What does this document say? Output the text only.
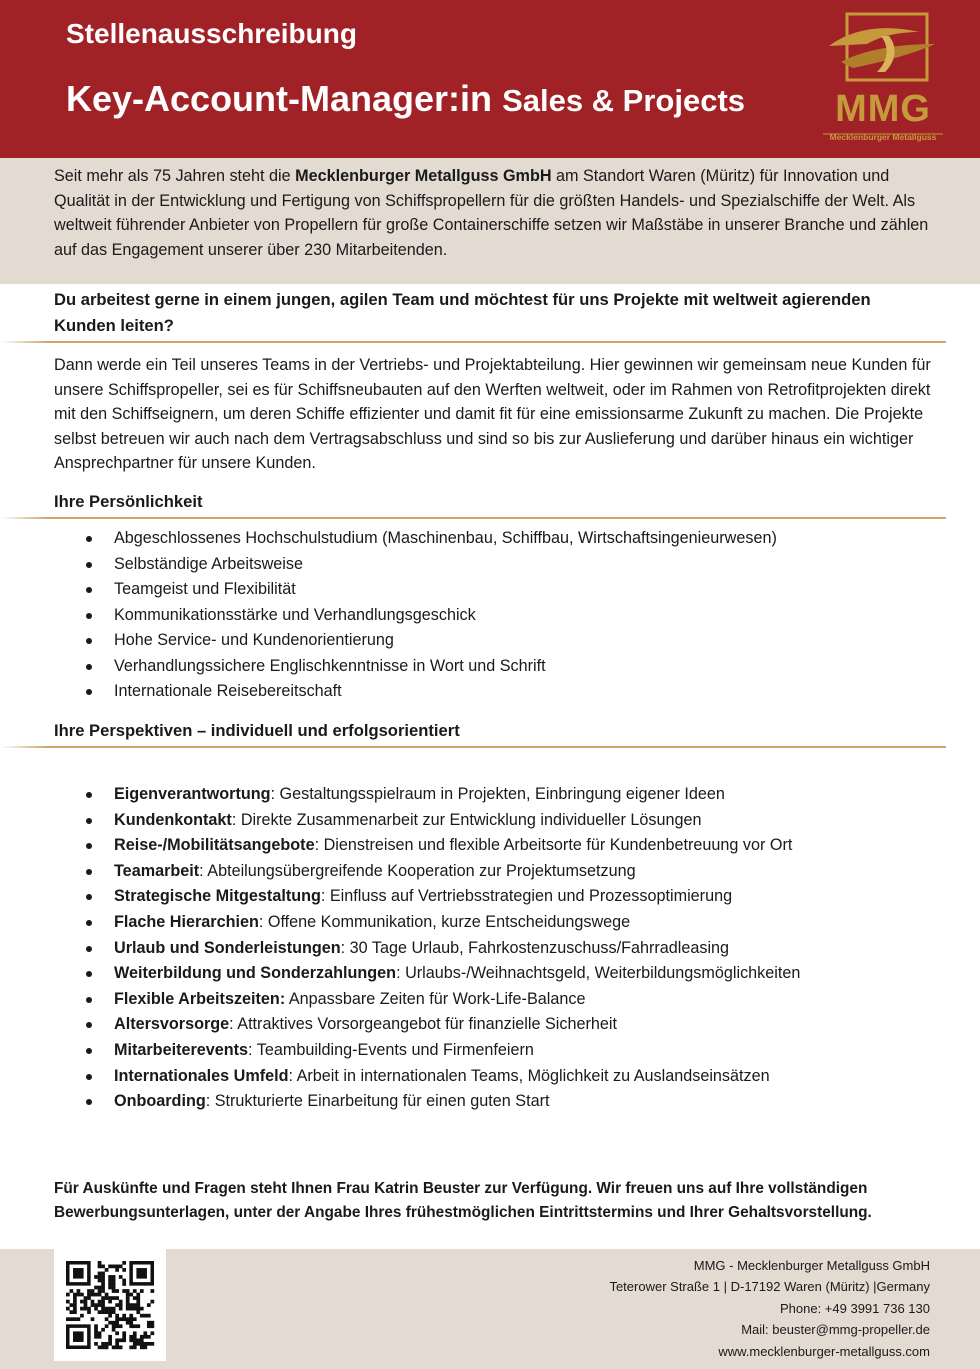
Stellenausschreibung
Key-Account-Manager:in Sales & Projects	MMG
Mecklenburger Metallguss

Seit mehr als 75 Jahren steht die Mecklenburger Metallguss GmbH am Standort Waren (Müritz) für Innovation und Qualität in der Entwicklung und Fertigung von Schiffspropellern für die größten Handels- und Spezialschiffe der Welt. Als weltweit führender Anbieter von Propellern für große Containerschiffe setzen wir Maßstäbe in unserer Branche und zählen auf das Engagement unserer über 230 Mitarbeitenden.

Du arbeitest gerne in einem jungen, agilen Team und möchtest für uns Projekte mit weltweit agierenden Kunden leiten?

Dann werde ein Teil unseres Teams in der Vertriebs- und Projektabteilung. Hier gewinnen wir gemeinsam neue Kunden für unsere Schiffspropeller, sei es für Schiffsneubauten auf den Werften weltweit, oder im Rahmen von Retrofitprojekten direkt mit den Schiffseignern, um deren Schiffe effizienter und damit fit für eine emissionsarme Zukunft zu machen. Die Projekte selbst betreuen wir auch nach dem Vertragsabschluss und sind so bis zur Auslieferung und darüber hinaus ein wichtiger Ansprechpartner für unsere Kunden.

Ihre Persönlichkeit

Abgeschlossenes Hochschulstudium (Maschinenbau, Schiffbau, Wirtschaftsingenieurwesen)
Selbständige Arbeitsweise
Teamgeist und Flexibilität
Kommunikationsstärke und Verhandlungsgeschick
Hohe Service- und Kundenorientierung
Verhandlungssichere Englischkenntnisse in Wort und Schrift
Internationale Reisebereitschaft

Ihre Perspektiven – individuell und erfolgsorientiert

Eigenverantwortung: Gestaltungsspielraum in Projekten, Einbringung eigener Ideen
Kundenkontakt: Direkte Zusammenarbeit zur Entwicklung individueller Lösungen
Reise-/Mobilitätsangebote: Dienstreisen und flexible Arbeitsorte für Kundenbetreuung vor Ort
Teamarbeit: Abteilungsübergreifende Kooperation zur Projektumsetzung
Strategische Mitgestaltung: Einfluss auf Vertriebsstrategien und Prozessoptimierung
Flache Hierarchien: Offene Kommunikation, kurze Entscheidungswege
Urlaub und Sonderleistungen: 30 Tage Urlaub, Fahrkostenzuschuss/Fahrradleasing
Weiterbildung und Sonderzahlungen: Urlaubs-/Weihnachtsgeld, Weiterbildungsmöglichkeiten
Flexible Arbeitszeiten: Anpassbare Zeiten für Work-Life-Balance
Altersvorsorge: Attraktives Vorsorgeangebot für finanzielle Sicherheit
Mitarbeiterevents: Teambuilding-Events und Firmenfeiern
Internationales Umfeld: Arbeit in internationalen Teams, Möglichkeit zu Auslandseinsätzen
Onboarding: Strukturierte Einarbeitung für einen guten Start

Für Auskünfte und Fragen steht Ihnen Frau Katrin Beuster zur Verfügung. Wir freuen uns auf Ihre vollständigen Bewerbungsunterlagen, unter der Angabe Ihres frühestmöglichen Eintrittstermins und Ihrer Gehaltsvorstellung.

MMG - Mecklenburger Metallguss GmbH
Teterower Straße 1 | D-17192 Waren (Müritz) |Germany
Phone: +49 3991 736 130
Mail: beuster@mmg-propeller.de
www.mecklenburger-metallguss.com
